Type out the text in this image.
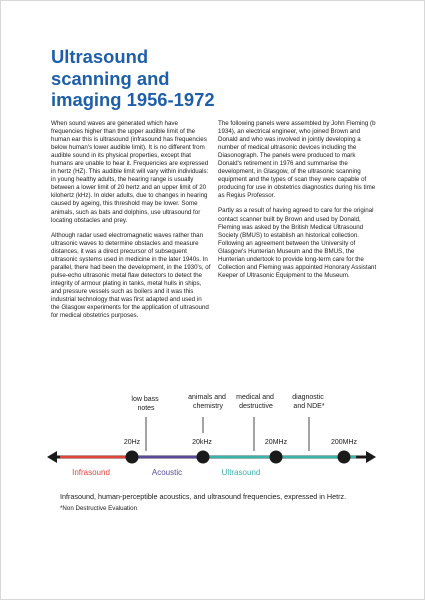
Ultrasound
scanning and
imaging 1956-1972

When sound waves are generated which have frequencies higher than the upper audible limit of the human ear this is ultrasound (infrasound has frequencies below human's lower audible limit). It is no different from audible sound in its physical properties, except that humans are unable to hear it. Frequencies are expressed in hertz (HZ). This audible limit will vary within individuals: in young healthy adults, the hearing range is usually between a lower limit of 20 hertz and an upper limit of 20 kilohertz (kHz). In older adults, due to changes in hearing caused by ageing, this threshold may be lower. Some animals, such as bats and dolphins, use ultrasound for locating obstacles and prey.

Although radar used electromagnetic waves rather than ultrasonic waves to determine obstacles and measure distances, it was a direct precursor of subsequent ultrasonic systems used in medicine in the later 1940s. In parallel, there had been the development, in the 1930's, of pulse-echo ultrasonic metal flaw detectors to detect the integrity of armour plating in tanks, metal hulls in ships, and pressure vessels such as boilers and it was this industrial technology that was first adapted and used in the Glasgow experiments for the application of ultrasound for medical obstetrics purposes.

The following panels were assembled by John Fleming (b 1934), an electrical engineer, who joined Brown and Donald and who was involved in jointly developing a number of medical ultrasonic devices including the Diasonograph. The panels were produced to mark Donald's retirement in 1976 and summarise the development, in Glasgow, of the ultrasonic scanning equipment and the types of scan they were capable of producing for use in obstetrics diagnostics during his time as Regius Professor.

Partly as a result of having agreed to care for the original contact scanner built by Brown and used by Donald, Fleming was asked by the British Medical Ultrasound Society (BMUS) to establish an historical collection. Following an agreement between the University of Glasgow's Hunterian Museum and the BMUS, the Hunterian undertook to provide long-term care for the Collection and Fleming was appointed Honorary Assistant Keeper of Ultrasonic Equipment to the Museum.

low bass notes
animals and chemistry
medical and destructive
diagnostic and NDE*
20Hz	20kHz	20MHz	200MHz
Infrasound	Acoustic	Ultrasound
Infrasound, human-perceptible acoustics, and ultrasound frequencies, expressed in Hetrz.
*Non Destructive Evaluation
